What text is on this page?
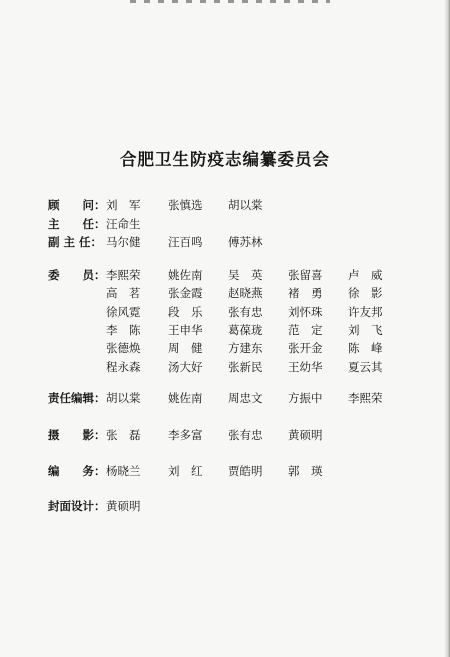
合肥卫生防疫志编纂委员会
顾　　问： 刘　军 张慎选 胡以棠
主　　任： 汪命生
副 主 任： 马尔健 汪百鸣 傅苏林
委　　员： 李熙荣 姚佐南 吴　英 张留喜 卢　威
高　茗 张金霞 赵晓燕 褚　勇 徐　影
徐风霓 段　乐 张有忠 刘怀珠 许友邦
李　陈 王申华 葛葆珑 范　定 刘　飞
张德焕 周　健 方建东 张开金 陈　峰
程永森 汤大好 张新民 王幼华 夏云其
责任编辑： 胡以棠 姚佐南 周忠文 方振中 李熙荣
摄　　影： 张　磊 李多富 张有忠 黄硕明
编　　务： 杨晓兰 刘　红 贾皓明 郭　瑛
封面设计： 黄硕明
